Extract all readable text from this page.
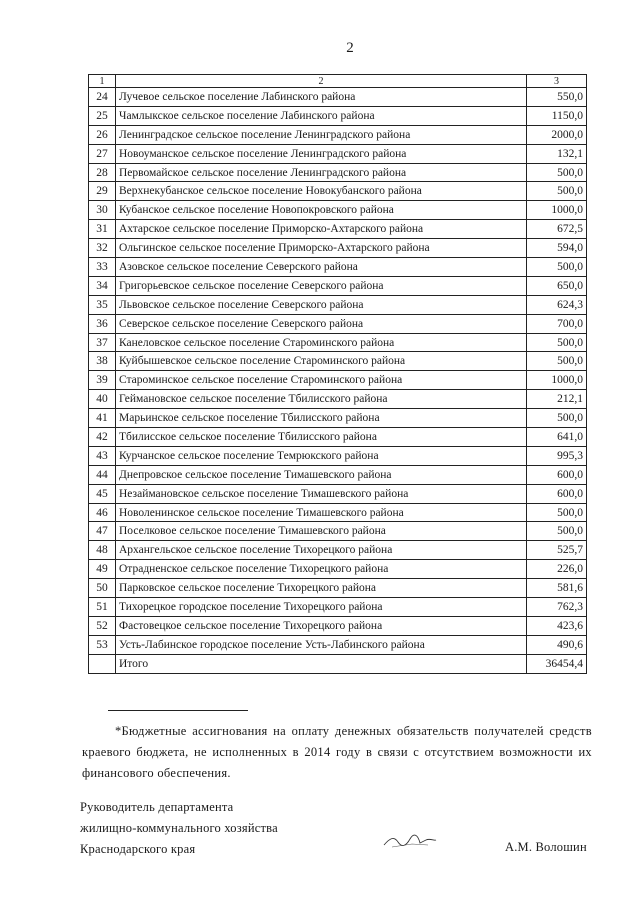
2
1	2	3
24	Лучевое сельское поселение Лабинского района	550,0
25	Чамлыкское сельское поселение Лабинского района	1150,0
26	Ленинградское сельское поселение Ленинградского района	2000,0
27	Новоуманское сельское поселение Ленинградского района	132,1
28	Первомайское сельское поселение Ленинградского района	500,0
29	Верхнекубанское сельское поселение Новокубанского района	500,0
30	Кубанское сельское поселение Новопокровского района	1000,0
31	Ахтарское сельское поселение Приморско-Ахтарского района	672,5
32	Ольгинское сельское поселение Приморско-Ахтарского района	594,0
33	Азовское сельское поселение Северского района	500,0
34	Григорьевское сельское поселение Северского района	650,0
35	Львовское сельское поселение Северского района	624,3
36	Северское сельское поселение Северского района	700,0
37	Канеловское сельское поселение Староминского района	500,0
38	Куйбышевское сельское поселение Староминского района	500,0
39	Староминское сельское поселение Староминского района	1000,0
40	Геймановское сельское поселение Тбилисского района	212,1
41	Марьинское сельское поселение Тбилисского района	500,0
42	Тбилисское сельское поселение Тбилисского района	641,0
43	Курчанское сельское поселение Темрюкского района	995,3
44	Днепровское сельское поселение Тимашевского района	600,0
45	Незаймановское сельское поселение Тимашевского района	600,0
46	Новоленинское сельское поселение Тимашевского района	500,0
47	Поселковое сельское поселение Тимашевского района	500,0
48	Архангельское сельское поселение Тихорецкого района	525,7
49	Отрадненское сельское поселение Тихорецкого района	226,0
50	Парковское сельское поселение Тихорецкого района	581,6
51	Тихорецкое городское поселение Тихорецкого района	762,3
52	Фастовецкое сельское поселение Тихорецкого района	423,6
53	Усть-Лабинское городское поселение Усть-Лабинского района	490,6
	Итого	36454,4
*Бюджетные ассигнования на оплату денежных обязательств получателей средств краевого бюджета, не исполненных в 2014 году в связи с отсутствием возможности их финансового обеспечения.
Руководитель департамента
жилищно-коммунального хозяйства
Краснодарского края	А.М. Волошин
